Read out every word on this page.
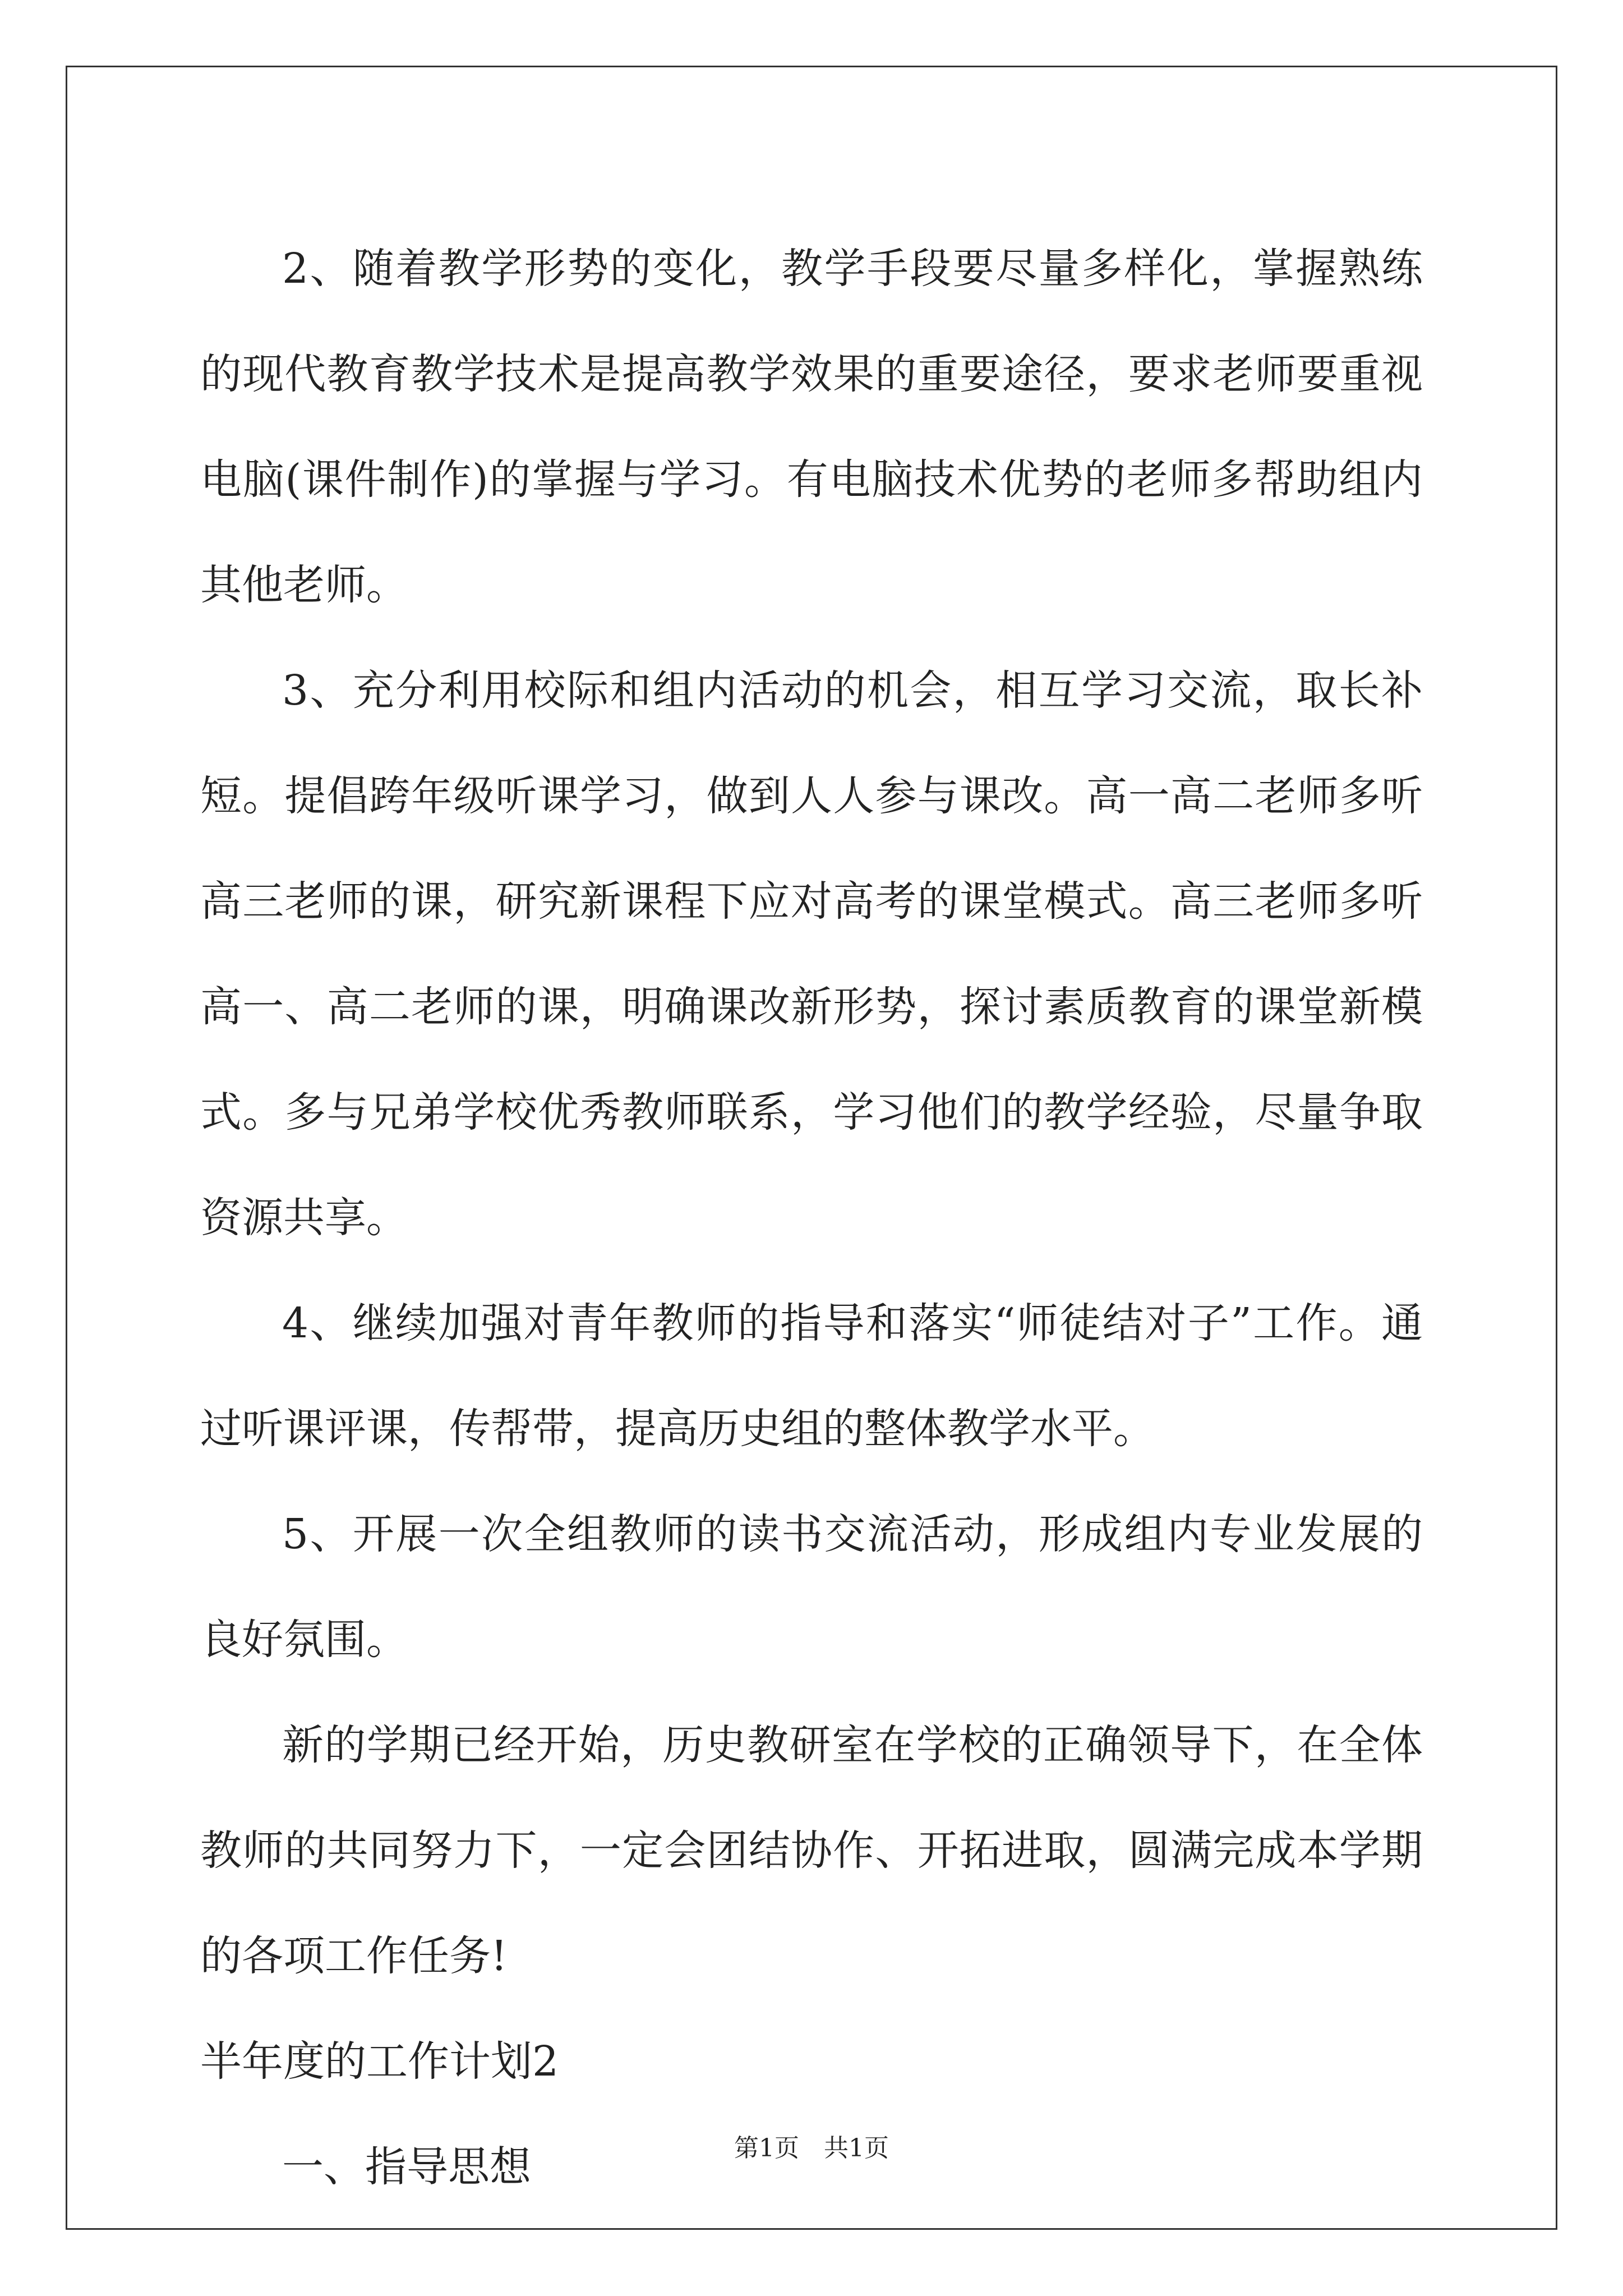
2、随着教学形势的变化，教学手段要尽量多样化，掌握熟练的现代教育教学技术是提高教学效果的重要途径，要求老师要重视电脑(课件制作)的掌握与学习。有电脑技术优势的老师多帮助组内其他老师。

3、充分利用校际和组内活动的机会，相互学习交流，取长补短。提倡跨年级听课学习，做到人人参与课改。高一高二老师多听高三老师的课，研究新课程下应对高考的课堂模式。高三老师多听高一、高二老师的课，明确课改新形势，探讨素质教育的课堂新模式。多与兄弟学校优秀教师联系，学习他们的教学经验，尽量争取资源共享。

4、继续加强对青年教师的指导和落实“师徒结对子”工作。通过听课评课，传帮带，提高历史组的整体教学水平。

5、开展一次全组教师的读书交流活动，形成组内专业发展的良好氛围。

新的学期已经开始，历史教研室在学校的正确领导下，在全体教师的共同努力下，一定会团结协作、开拓进取，圆满完成本学期的各项工作任务!

半年度的工作计划2

一、指导思想	第1页　共1页
